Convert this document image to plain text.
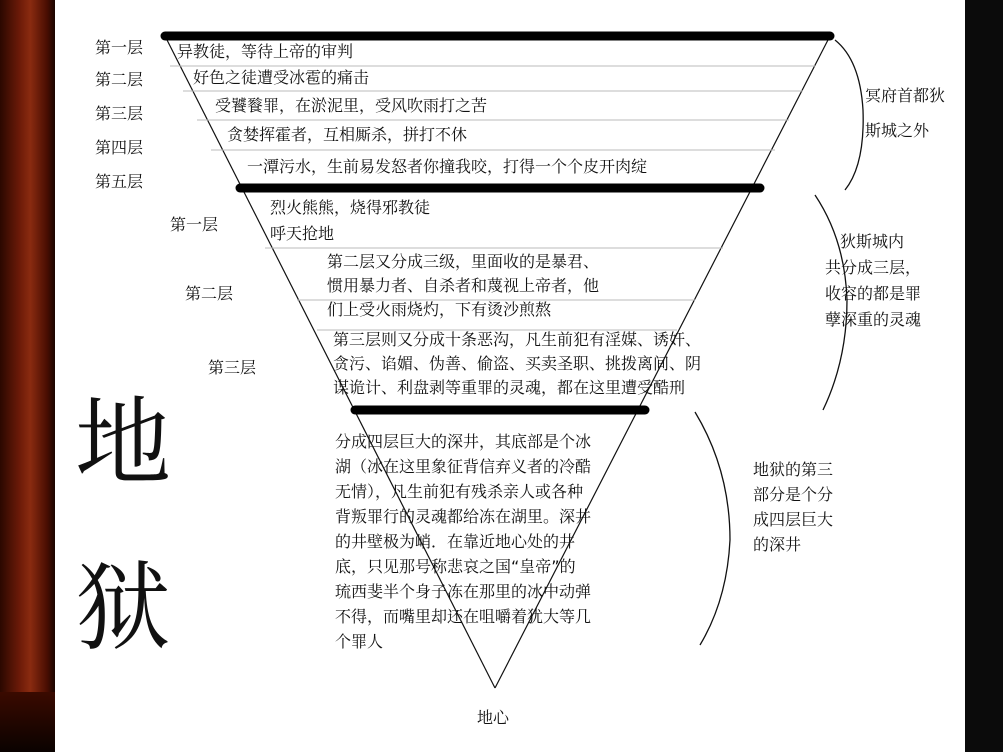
第一层
第二层
第三层
第四层
第五层
异教徒，等待上帝的审判
好色之徒遭受冰雹的痛击
受饕餮罪，在淤泥里，受风吹雨打之苦
贪婪挥霍者，互相厮杀，拼打不休
一潭污水，生前易发怒者你撞我咬，打得一个个皮开肉绽
冥府首都狄
斯城之外
第一层
第二层
第三层
烈火熊熊，烧得邪教徒
呼天抢地
第二层又分成三级，里面收的是暴君、
惯用暴力者、自杀者和蔑视上帝者，他
们上受火雨烧灼，下有烫沙煎熬
第三层则又分成十条恶沟，凡生前犯有淫媒、诱奸、
贪污、谄媚、伪善、偷盗、买卖圣职、挑拨离间、阴
谋诡计、利盘剥等重罪的灵魂，都在这里遭受酷刑
狄斯城内
共分成三层，
收容的都是罪
孽深重的灵魂
分成四层巨大的深井，其底部是个冰
湖（冰在这里象征背信弃义者的冷酷
无情），凡生前犯有残杀亲人或各种
背叛罪行的灵魂都给冻在湖里。深井
的井壁极为峭．在靠近地心处的井
底，只见那号称悲哀之国“皇帝”的
琉西斐半个身子冻在那里的冰中动弹
不得，而嘴里却还在咀嚼着犹大等几
个罪人
地狱的第三
部分是个分
成四层巨大
的深井
地心
地
狱
